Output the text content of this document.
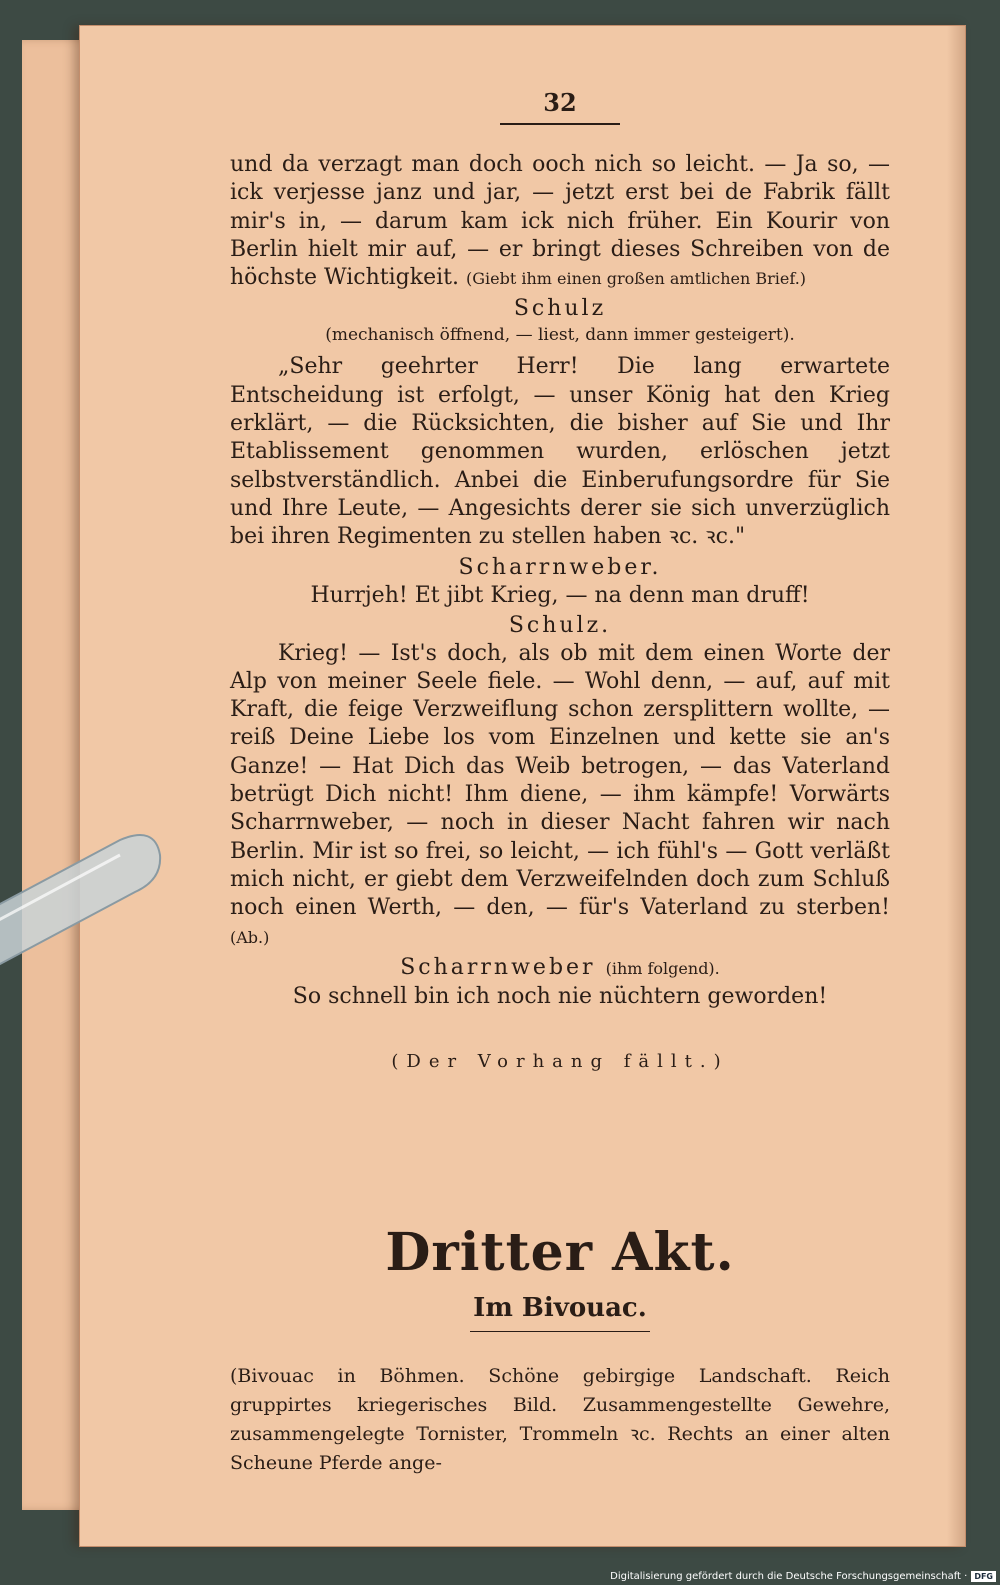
32

und da verzagt man doch ooch nich so leicht. — Ja so, — ick verjesse janz und jar, — jetzt erst bei de Fabrik fällt mir's in, — darum kam ick nich früher. Ein Kourir von Berlin hielt mir auf, — er bringt dieses Schreiben von de höchste Wichtigkeit. (Giebt ihm einen großen amtlichen Brief.)

Schulz

(mechanisch öffnend, — liest, dann immer gesteigert).

„Sehr geehrter Herr! Die lang erwartete Entscheidung ist erfolgt, — unser König hat den Krieg erklärt, — die Rücksichten, die bisher auf Sie und Ihr Etablissement genommen wurden, erlöschen jetzt selbstverständlich. Anbei die Einberufungsordre für Sie und Ihre Leute, — Angesichts derer sie sich unverzüglich bei ihren Regimenten zu stellen haben ꝛc. ꝛc."

Scharrnweber.

Hurrjeh! Et jibt Krieg, — na denn man druff!

Schulz.

Krieg! — Ist's doch, als ob mit dem einen Worte der Alp von meiner Seele fiele. — Wohl denn, — auf, auf mit Kraft, die feige Verzweiflung schon zersplittern wollte, — reiß Deine Liebe los vom Einzelnen und kette sie an's Ganze! — Hat Dich das Weib betrogen, — das Vaterland betrügt Dich nicht! Ihm diene, — ihm kämpfe! Vorwärts Scharrnweber, — noch in dieser Nacht fahren wir nach Berlin. Mir ist so frei, so leicht, — ich fühl's — Gott verläßt mich nicht, er giebt dem Verzweifelnden doch zum Schluß noch einen Werth, — den, — für's Vaterland zu sterben! (Ab.)

Scharrnweber (ihm folgend).

So schnell bin ich noch nie nüchtern geworden!

(Der Vorhang fällt.)

Dritter Akt.
Im Bivouac.

(Bivouac in Böhmen. Schöne gebirgige Landschaft. Reich gruppirtes kriegerisches Bild. Zusammengestellte Gewehre, zusammengelegte Tornister, Trommeln ꝛc. Rechts an einer alten Scheune Pferde ange-

Digitalisierung gefördert durch die Deutsche Forschungsgemeinschaft · DFG
